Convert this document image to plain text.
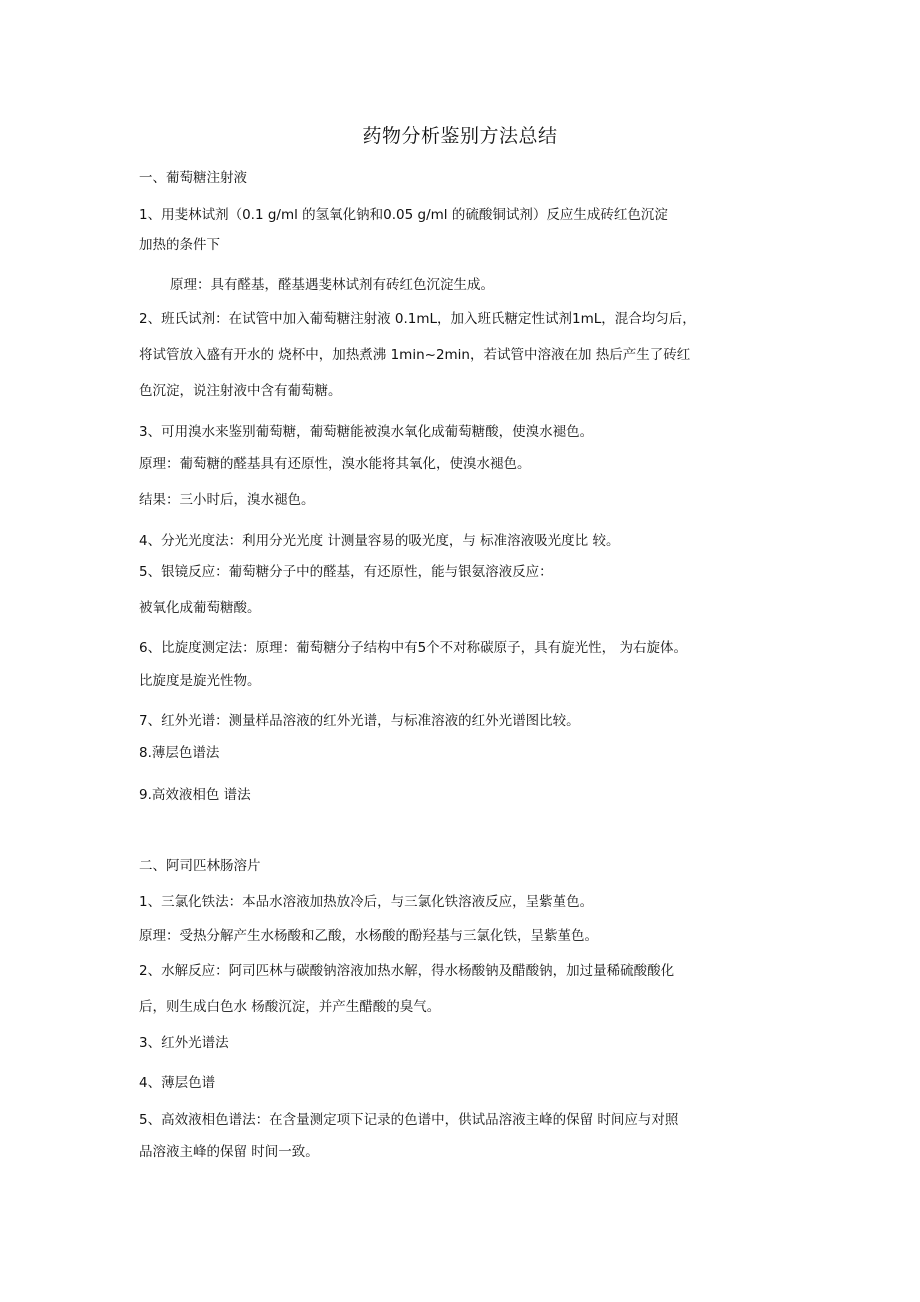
药物分析鉴别方法总结
一、葡萄糖注射液
1、用斐林试剂（0.1 g/ml 的氢氧化钠和0.05 g/ml 的硫酸铜试剂）反应生成砖红色沉淀
加热的条件下
原理：具有醛基，醛基遇斐林试剂有砖红色沉淀生成。
2、班氏试剂：在试管中加入葡萄糖注射液 0.1mL，加入班氏糖定性试剂1mL，混合均匀后，
将试管放入盛有开水的 烧杯中，加热煮沸 1min~2min，若试管中溶液在加 热后产生了砖红
色沉淀，说注射液中含有葡萄糖。
3、可用溴水来鉴别葡萄糖，葡萄糖能被溴水氧化成葡萄糖酸，使溴水褪色。
原理：葡萄糖的醛基具有还原性，溴水能将其氧化，使溴水褪色。
结果：三小时后，溴水褪色。
4、分光光度法：利用分光光度 计测量容易的吸光度，与 标准溶液吸光度比 较。
5、银镜反应：葡萄糖分子中的醛基，有还原性，能与银氨溶液反应：
被氧化成葡萄糖酸。
6、比旋度测定法：原理：葡萄糖分子结构中有5个不对称碳原子，具有旋光性， 为右旋体。
比旋度是旋光性物。
7、红外光谱：测量样品溶液的红外光谱，与标准溶液的红外光谱图比较。
8.薄层色谱法
9.高效液相色 谱法
二、阿司匹林肠溶片
1、三氯化铁法：本品水溶液加热放冷后，与三氯化铁溶液反应，呈紫堇色。
原理：受热分解产生水杨酸和乙酸，水杨酸的酚羟基与三氯化铁，呈紫堇色。
2、水解反应：阿司匹林与碳酸钠溶液加热水解，得水杨酸钠及醋酸钠，加过量稀硫酸酸化
后，则生成白色水 杨酸沉淀，并产生醋酸的臭气。
3、红外光谱法
4、薄层色谱
5、高效液相色谱法：在含量测定项下记录的色谱中，供试品溶液主峰的保留 时间应与对照
品溶液主峰的保留 时间一致。
